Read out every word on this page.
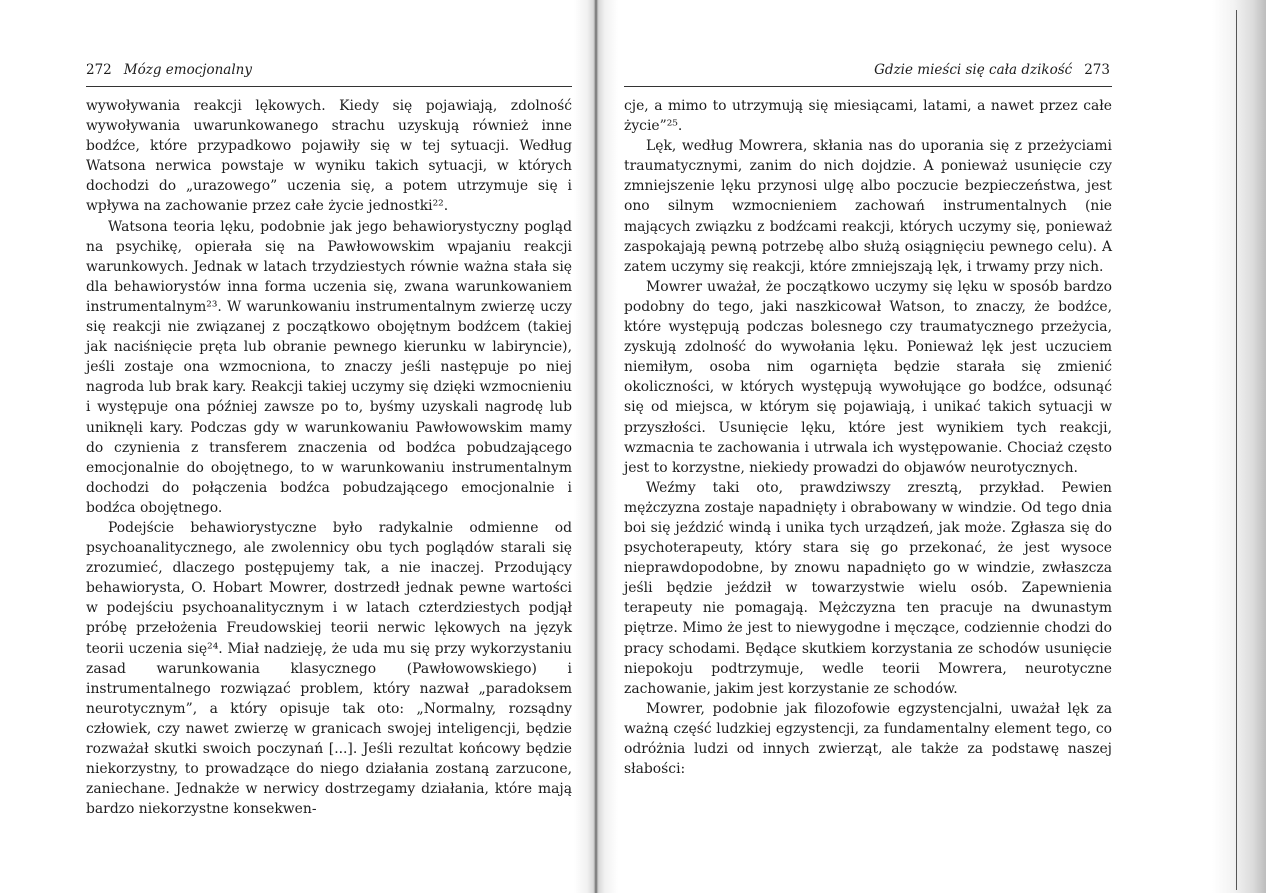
272 Mózg emocjonalny	Gdzie mieści się cała dzikość 273

wywoływania reakcji lękowych. Kiedy się pojawiają, zdolność wywoływania uwarunkowanego strachu uzyskują również inne bodźce, które przypadkowo pojawiły się w tej sytuacji. Według Watsona nerwica powstaje w wyniku takich sytuacji, w których dochodzi do „urazowego” uczenia się, a potem utrzymuje się i wpływa na zachowanie przez całe życie jednostki²².

Watsona teoria lęku, podobnie jak jego behawiorystyczny pogląd na psychikę, opierała się na Pawłowowskim wpajaniu reakcji warunkowych. Jednak w latach trzydziestych równie ważna stała się dla behawiorystów inna forma uczenia się, zwana warunkowaniem instrumentalnym²³. W warunkowaniu instrumentalnym zwierzę uczy się reakcji nie związanej z początkowo obojętnym bodźcem (takiej jak naciśnięcie pręta lub obranie pewnego kierunku w labiryncie), jeśli zostaje ona wzmocniona, to znaczy jeśli następuje po niej nagroda lub brak kary. Reakcji takiej uczymy się dzięki wzmocnieniu i występuje ona później zawsze po to, byśmy uzyskali nagrodę lub uniknęli kary. Podczas gdy w warunkowaniu Pawłowowskim mamy do czynienia z transferem znaczenia od bodźca pobudzającego emocjonalnie do obojętnego, to w warunkowaniu instrumentalnym dochodzi do połączenia bodźca pobudzającego emocjonalnie i bodźca obojętnego.

Podejście behawiorystyczne było radykalnie odmienne od psychoanalitycznego, ale zwolennicy obu tych poglądów starali się zrozumieć, dlaczego postępujemy tak, a nie inaczej. Przodujący behawiorysta, O. Hobart Mowrer, dostrzedł jednak pewne wartości w podejściu psychoanalitycznym i w latach czterdziestych podjął próbę przełożenia Freudowskiej teorii nerwic lękowych na język teorii uczenia się²⁴. Miał nadzieję, że uda mu się przy wykorzystaniu zasad warunkowania klasycznego (Pawłowowskiego) i instrumentalnego rozwiązać problem, który nazwał „paradoksem neurotycznym”, a który opisuje tak oto: „Normalny, rozsądny człowiek, czy nawet zwierzę w granicach swojej inteligencji, będzie rozważał skutki swoich poczynań [...]. Jeśli rezultat końcowy będzie niekorzystny, to prowadzące do niego działania zostaną zarzucone, zaniechane. Jednakże w nerwicy dostrzegamy działania, które mają bardzo niekorzystne konsekwen-

cje, a mimo to utrzymują się miesiącami, latami, a nawet przez całe życie”²⁵.

Lęk, według Mowrera, skłania nas do uporania się z przeżyciami traumatycznymi, zanim do nich dojdzie. A ponieważ usunięcie czy zmniejszenie lęku przynosi ulgę albo poczucie bezpieczeństwa, jest ono silnym wzmocnieniem zachowań instrumentalnych (nie mających związku z bodźcami reakcji, których uczymy się, ponieważ zaspokajają pewną potrzebę albo służą osiągnięciu pewnego celu). A zatem uczymy się reakcji, które zmniejszają lęk, i trwamy przy nich.

Mowrer uważał, że początkowo uczymy się lęku w sposób bardzo podobny do tego, jaki naszkicował Watson, to znaczy, że bodźce, które występują podczas bolesnego czy traumatycznego przeżycia, zyskują zdolność do wywołania lęku. Ponieważ lęk jest uczuciem niemiłym, osoba nim ogarnięta będzie starała się zmienić okoliczności, w których występują wywołujące go bodźce, odsunąć się od miejsca, w którym się pojawiają, i unikać takich sytuacji w przyszłości. Usunięcie lęku, które jest wynikiem tych reakcji, wzmacnia te zachowania i utrwala ich występowanie. Chociaż często jest to korzystne, niekiedy prowadzi do objawów neurotycznych.

Weźmy taki oto, prawdziwszy zresztą, przykład. Pewien mężczyzna zostaje napadnięty i obrabowany w windzie. Od tego dnia boi się jeździć windą i unika tych urządzeń, jak może. Zgłasza się do psychoterapeuty, który stara się go przekonać, że jest wysoce nieprawdopodobne, by znowu napadnięto go w windzie, zwłaszcza jeśli będzie jeździł w towarzystwie wielu osób. Zapewnienia terapeuty nie pomagają. Mężczyzna ten pracuje na dwunastym piętrze. Mimo że jest to niewygodne i męczące, codziennie chodzi do pracy schodami. Będące skutkiem korzystania ze schodów usunięcie niepokoju podtrzymuje, wedle teorii Mowrera, neurotyczne zachowanie, jakim jest korzystanie ze schodów.

Mowrer, podobnie jak filozofowie egzystencjalni, uważał lęk za ważną część ludzkiej egzystencji, za fundamentalny element tego, co odróżnia ludzi od innych zwierząt, ale także za podstawę naszej słabości:
